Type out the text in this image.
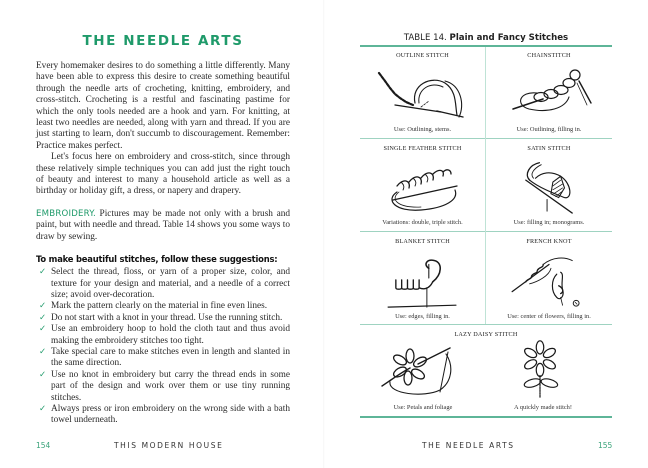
THE NEEDLE ARTS

Every homemaker desires to do something a little differently. Many have been able to express this desire to create something beautiful through the needle arts of crocheting, knitting, embroidery, and cross-stitch. Crocheting is a restful and fascinating pastime for which the only tools needed are a hook and yarn. For knitting, at least two needles are needed, along with yarn and thread. If you are just starting to learn, don't succumb to discouragement. Remember: Practice makes perfect.

Let's focus here on embroidery and cross-stitch, since through these relatively simple techniques you can add just the right touch of beauty and interest to many a household article as well as a birthday or holiday gift, a dress, or napery and drapery.

EMBROIDERY. Pictures may be made not only with a brush and paint, but with needle and thread. Table 14 shows you some ways to draw by sewing.

To make beautiful stitches, follow these suggestions:
✓ Select the thread, floss, or yarn of a proper size, color, and texture for your design and material, and a needle of a correct size; avoid over-decoration.
✓ Mark the pattern clearly on the material in fine even lines.
✓ Do not start with a knot in your thread. Use the running stitch.
✓ Use an embroidery hoop to hold the cloth taut and thus avoid making the embroidery stitches too tight.
✓ Take special care to make stitches even in length and slanted in the same direction.
✓ Use no knot in embroidery but carry the thread ends in some part of the design and work over them or use tiny running stitches.
✓ Always press or iron embroidery on the wrong side with a bath towel underneath.
154	THIS MODERN HOUSE
TABLE 14. Plain and Fancy Stitches
OUTLINE STITCH
Use: Outlining, stems.
CHAINSTITCH
Use: Outlining, filling in.
SINGLE FEATHER STITCH
Variations: double, triple stitch.
SATIN STITCH
Use: filling in; monograms.
BLANKET STITCH
Use: edges, filling in.
FRENCH KNOT
Use: center of flowers, filling in.
LAZY DAISY STITCH
Use: Petals and foliage	A quickly made stitch!
THE NEEDLE ARTS	155
